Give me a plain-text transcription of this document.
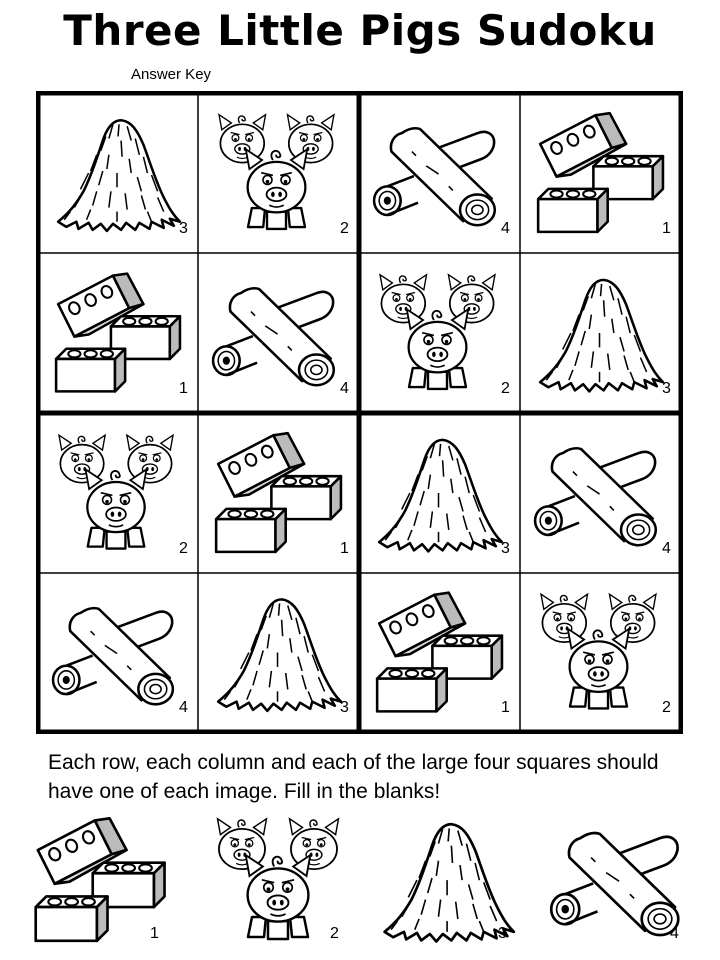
Three Little Pigs Sudoku
Answer Key
3	2	4	1
1	4	2	3
2	1	3	4
4	3	1	2
Each row, each column and each of the large four squares should have one of each image. Fill in the blanks!
1	2	3	4
